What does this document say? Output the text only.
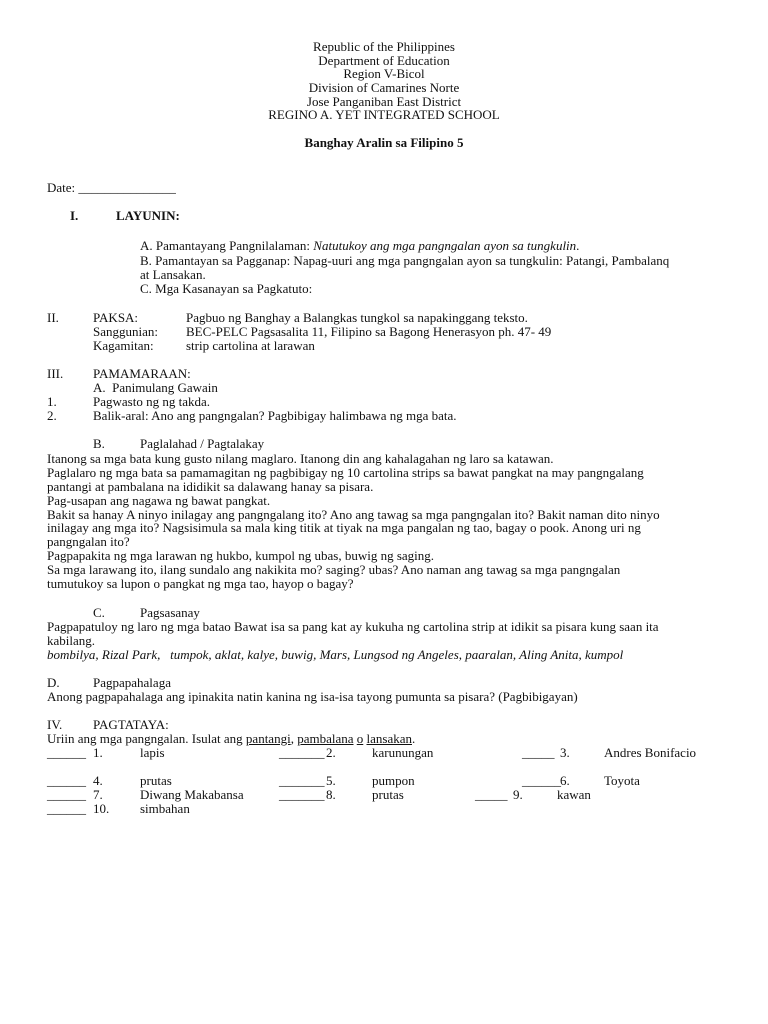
Republic of the Philippines
Department of Education
Region V-Bicol
Division of Camarines Norte
Jose Panganiban East District
REGINO A. YET INTEGRATED SCHOOL
Banghay Aralin sa Filipino 5
Date: _______________
I.	LAYUNIN:
A. Pamantayang Pangnilalaman: Natutukoy ang mga pangngalan ayon sa tungkulin.
B. Pamantayan sa Pagganap: Napag-uuri ang mga pangngalan ayon sa tungkulin: Patangi, Pambalanq
at Lansakan.
C. Mga Kasanayan sa Pagkatuto:
II.	PAKSA:	Pagbuo ng Banghay a Balangkas tungkol sa napakinggang teksto.
Sanggunian: BEC-PELC Pagsasalita 11, Filipino sa Bagong Henerasyon ph. 47- 49
Kagamitan: strip cartolina at larawan
III. PAMAMARAAN:
A.  Panimulang Gawain
1.	Pagwasto ng ng takda.
2.	Balik-aral: Ano ang pangngalan? Pagbibigay halimbawa ng mga bata.
B.	Paglalahad / Pagtalakay
Itanong sa mga bata kung gusto nilang maglaro. Itanong din ang kahalagahan ng laro sa katawan.
Paglalaro ng mga bata sa pamamagitan ng pagbibigay ng 10 cartolina strips sa bawat pangkat na may pangngalang
pantangi at pambalana na ididikit sa dalawang hanay sa pisara.
Pag-usapan ang nagawa ng bawat pangkat.
Bakit sa hanay A ninyo inilagay ang pangngalang ito? Ano ang tawag sa mga pangngalan ito? Bakit naman dito ninyo
inilagay ang mga ito? Nagsisimula sa mala king titik at tiyak na mga pangalan ng tao, bagay o pook. Anong uri ng
pangngalan ito?
Pagpapakita ng mga larawan ng hukbo, kumpol ng ubas, buwig ng saging.
Sa mga larawang ito, ilang sundalo ang nakikita mo? saging? ubas? Ano naman ang tawag sa mga pangngalan
tumutukoy sa lupon o pangkat ng mga tao, hayop o bagay?
C.	Pagsasanay
Pagpapatuloy ng laro ng mga batao Bawat isa sa pang kat ay kukuha ng cartolina strip at idikit sa pisara kung saan ita
kabilang.
bombilya, Rizal Park,   tumpok, aklat, kalye, buwig, Mars, Lungsod ng Angeles, paaralan, Aling Anita, kumpol
D.	Pagpapahalaga
Anong pagpapahalaga ang ipinakita natin kanina ng isa-isa tayong pumunta sa pisara? (Pagbibigayan)
IV. PAGTATAYA:
Uriin ang mga pangngalan. Isulat ang pantangi, pambalana o lansakan.
______ 1.	lapis	_______ 2.	karunungan	_____ 3.	Andres Bonifacio
______ 4.	prutas	_______ 5.	pumpon	______ 6.	Toyota
______ 7.	Diwang Makabansa	_______ 8.	prutas	_____ 9.	kawan
______ 10. simbahan
